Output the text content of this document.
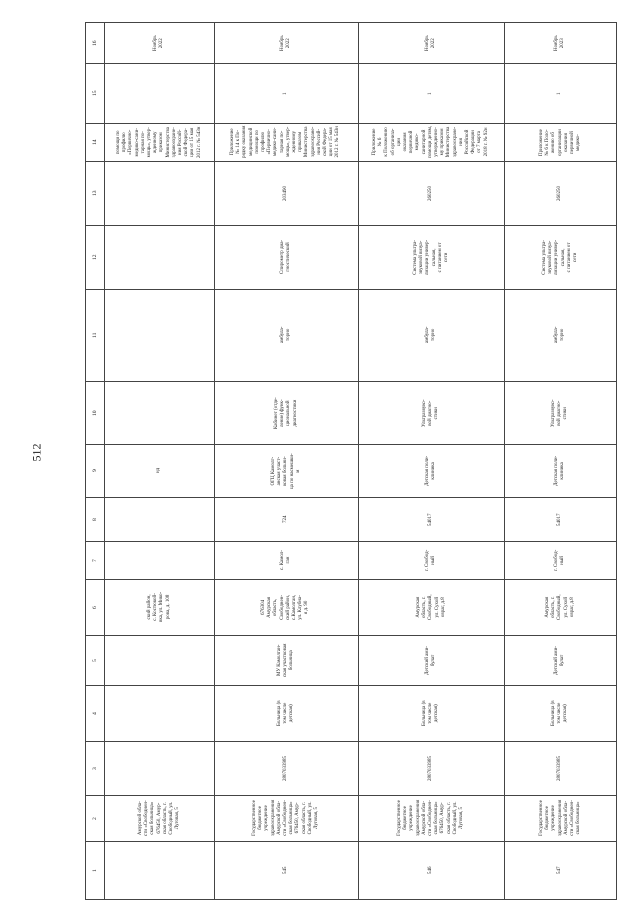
512
1
2
3
4
5
6
7
8
9
10
11
12
13
14
15
16
Амурской обла-
сти «Свободнен-
ская больница»
676450, Амур-
ская область, г.
Свободный, ул.
Луговая, 5
ский район,
с. Костюкой-
вка, ул. Мико-
рова, д. 108
нд
помощи по
профилю
«Первично-
медико-сани-
тарная по-
мощь», утвер-
жденному
приказом
Министерства
здравоохране-
ния Россий-
ской Федера-
ции от 15 мая
2012 г. № 543н
Ноябрь
2022
545
Государственное
бюджетное
учреждение
здравоохранения
Амурской обла-
сти «Свободнен-
ская больница»
676450, Амур-
ская область, г.
Свободный, ул.
Луговая, 5
2807033985
Больница (в
том числе
детская)
МУ Камолган-
ская участковая
больница
676304
Амурская
область,
Свободнен-
ский район,
с.Камолган,
ул. Клубна-
я д. 90
с. Камол-
ган
724
ОГЦ Камолг-
анская участ-
ковая больни-
ца по насмешки-
м
Кабинет (отде-
ление) функ-
циональной
диагностики
амбула-
торно
Спирометр диа-
гностический
203490
Приложение
№ 14 к По-
рядку оказания
медицинской
помощи по
профилю
«Первично-
медико-сани-
тарная по-
мощь», утвер-
жденному
приказом
Министерства
здравоохране-
ния Россий-
ской Федера-
ции от 15 мая
2012 г. № 543н
1
Ноябрь
2022
546
Государственное
бюджетное
учреждение
здравоохранения
Амурской обла-
сти «Свободнен-
ская больница»
676450, Амур-
ская область, г.
Свободный, ул.
Луговая, 5
2807033985
Больница (в
том числе
детская)
Детский ами-
булат
Амурская
область, г.
Свободный,
ул. Сухой
овраг, д.8
г. Свобод-
ный
54017
Детская поли-
клиника
Ультразвуко-
вой диагно-
стики
амбула-
торно
Система ультра-
звуковой визуа-
лизации универ-
сальная,
с питанием от
сети
260250
Приложение
№ 6
к Положению
об организа-
ции
оказания
первичной
медико-
санитарной
помощи детям,
утвержденно-
му приказом
Министерства
здравоохране-
ния
Российской
Федерации
от 7 марта
2018 г. № 92н
1
Ноябрь
2022
547
Государственное
бюджетное
учреждение
здравоохранения
Амурской обла-
сти «Свободнен-
ская больница»
2807033985
Больница (в
том числе
детская)
Детский ами-
булат
Амурская
область, г.
Свободный,
ул. Сухой
овраг, д.8
г. Свобод-
ный
54017
Детская поли-
клиника
Ультразвуко-
вой диагно-
стики
амбула-
торно
Система ультра-
звуковой визуа-
лизации универ-
сальная,
с питанием от
сети
260250
Приложение
№ 6 к Поло-
жению об
организации
оказания
первичной
медико-
1
Ноябрь
2023
